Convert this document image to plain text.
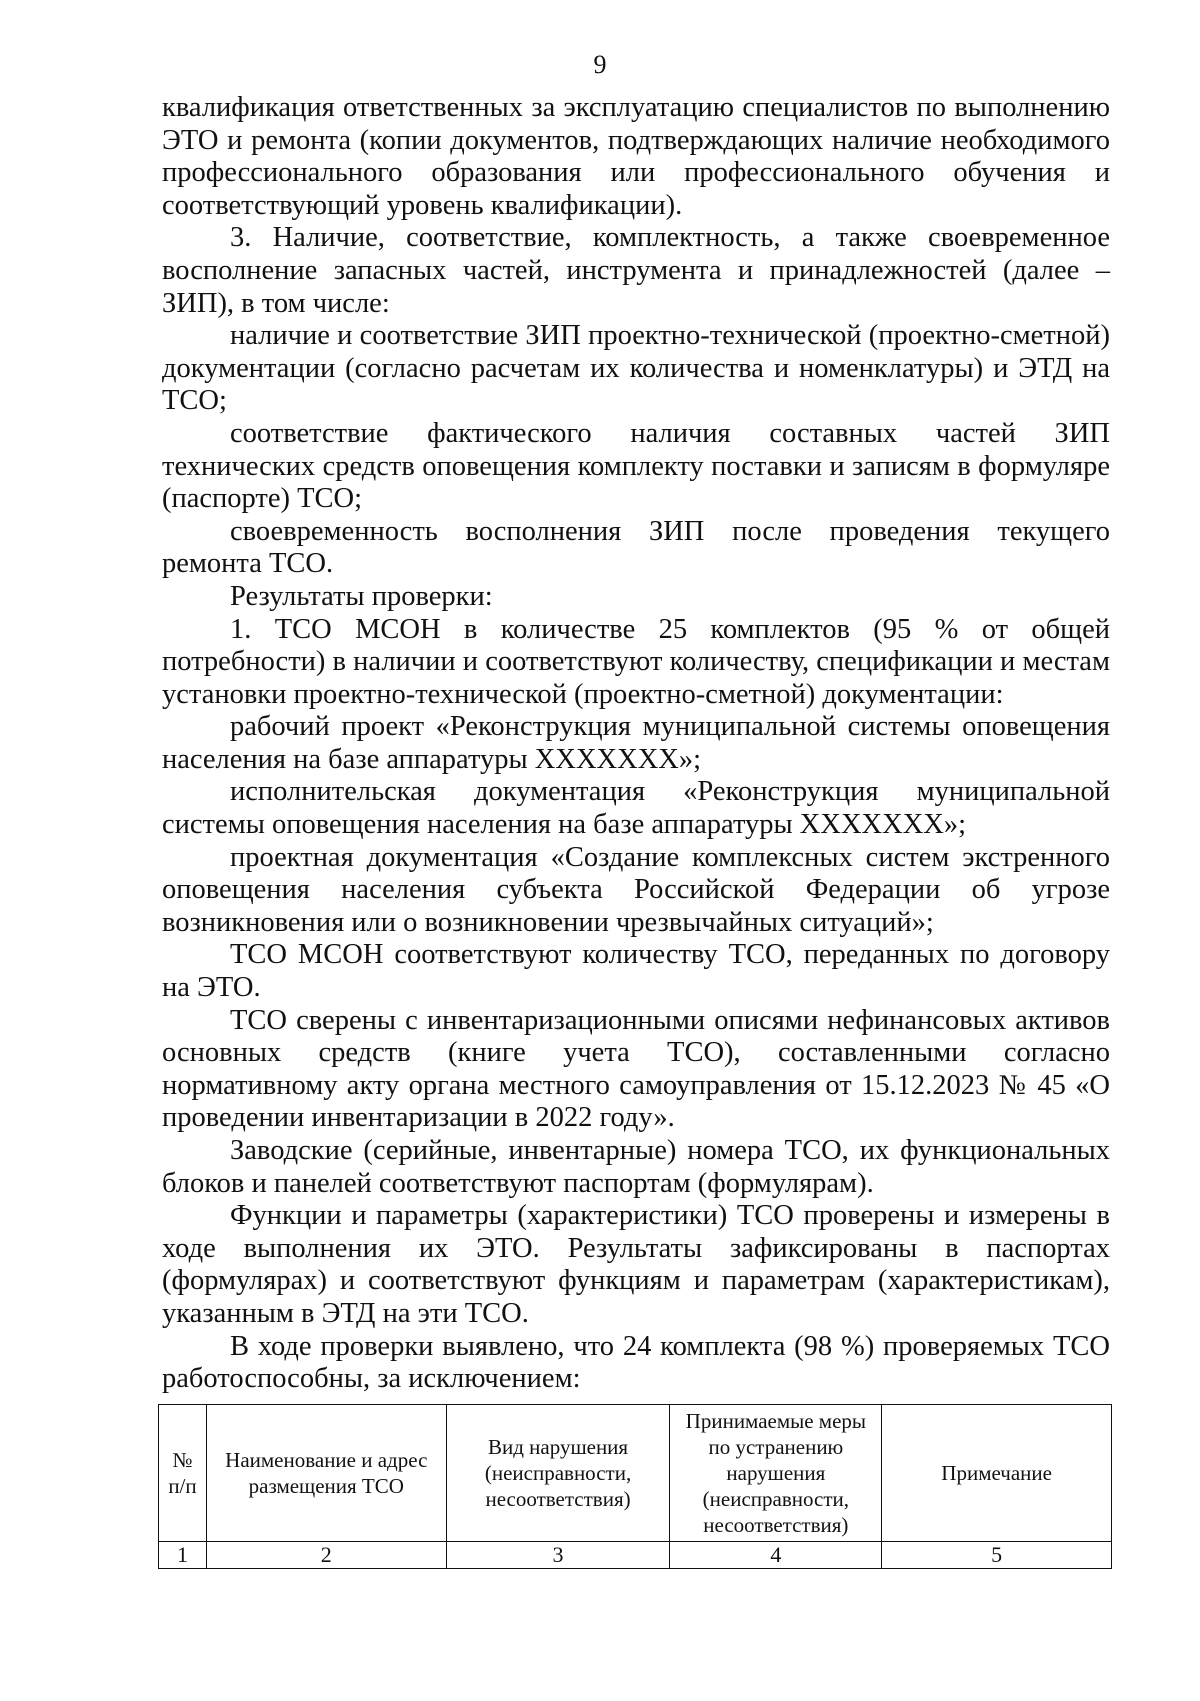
9

квалификация ответственных за эксплуатацию специалистов по выполнению ЭТО и ремонта (копии документов, подтверждающих наличие необходимого профессионального образования или профессионального обучения и соответствующий уровень квалификации).

3. Наличие, соответствие, комплектность, а также своевременное восполнение запасных частей, инструмента и принадлежностей (далее – ЗИП), в том числе:

наличие и соответствие ЗИП проектно-технической (проектно-сметной) документации (согласно расчетам их количества и номенклатуры) и ЭТД на ТСО;

соответствие фактического наличия составных частей ЗИП технических средств оповещения комплекту поставки и записям в формуляре (паспорте) ТСО;

своевременность восполнения ЗИП после проведения текущего ремонта ТСО.

Результаты проверки:

1. ТСО МСОН в количестве 25 комплектов (95 % от общей потребности) в наличии и соответствуют количеству, спецификации и местам установки проектно-технической (проектно-сметной) документации:

рабочий проект «Реконструкция муниципальной системы оповещения населения на базе аппаратуры XXXXXXX»;

исполнительская документация «Реконструкция муниципальной системы оповещения населения на базе аппаратуры XXXXXXX»;

проектная документация «Создание комплексных систем экстренного оповещения населения субъекта Российской Федерации об угрозе возникновения или о возникновении чрезвычайных ситуаций»;

ТСО МСОН соответствуют количеству ТСО, переданных по договору на ЭТО.

ТСО сверены с инвентаризационными описями нефинансовых активов основных средств (книге учета ТСО), составленными согласно нормативному акту органа местного самоуправления от 15.12.2023 № 45 «О проведении инвентаризации в 2022 году».

Заводские (серийные, инвентарные) номера ТСО, их функциональных блоков и панелей соответствуют паспортам (формулярам).

Функции и параметры (характеристики) ТСО проверены и измерены в ходе выполнения их ЭТО. Результаты зафиксированы в паспортах (формулярах) и соответствуют функциям и параметрам (характеристикам), указанным в ЭТД на эти ТСО.

В ходе проверки выявлено, что 24 комплекта (98 %) проверяемых ТСО работоспособны, за исключением:

№ п/п	Наименование и адрес размещения ТСО	Вид нарушения (неисправности, несоответствия)	Принимаемые меры по устранению нарушения (неисправности, несоответствия)	Примечание
1	2	3	4	5
